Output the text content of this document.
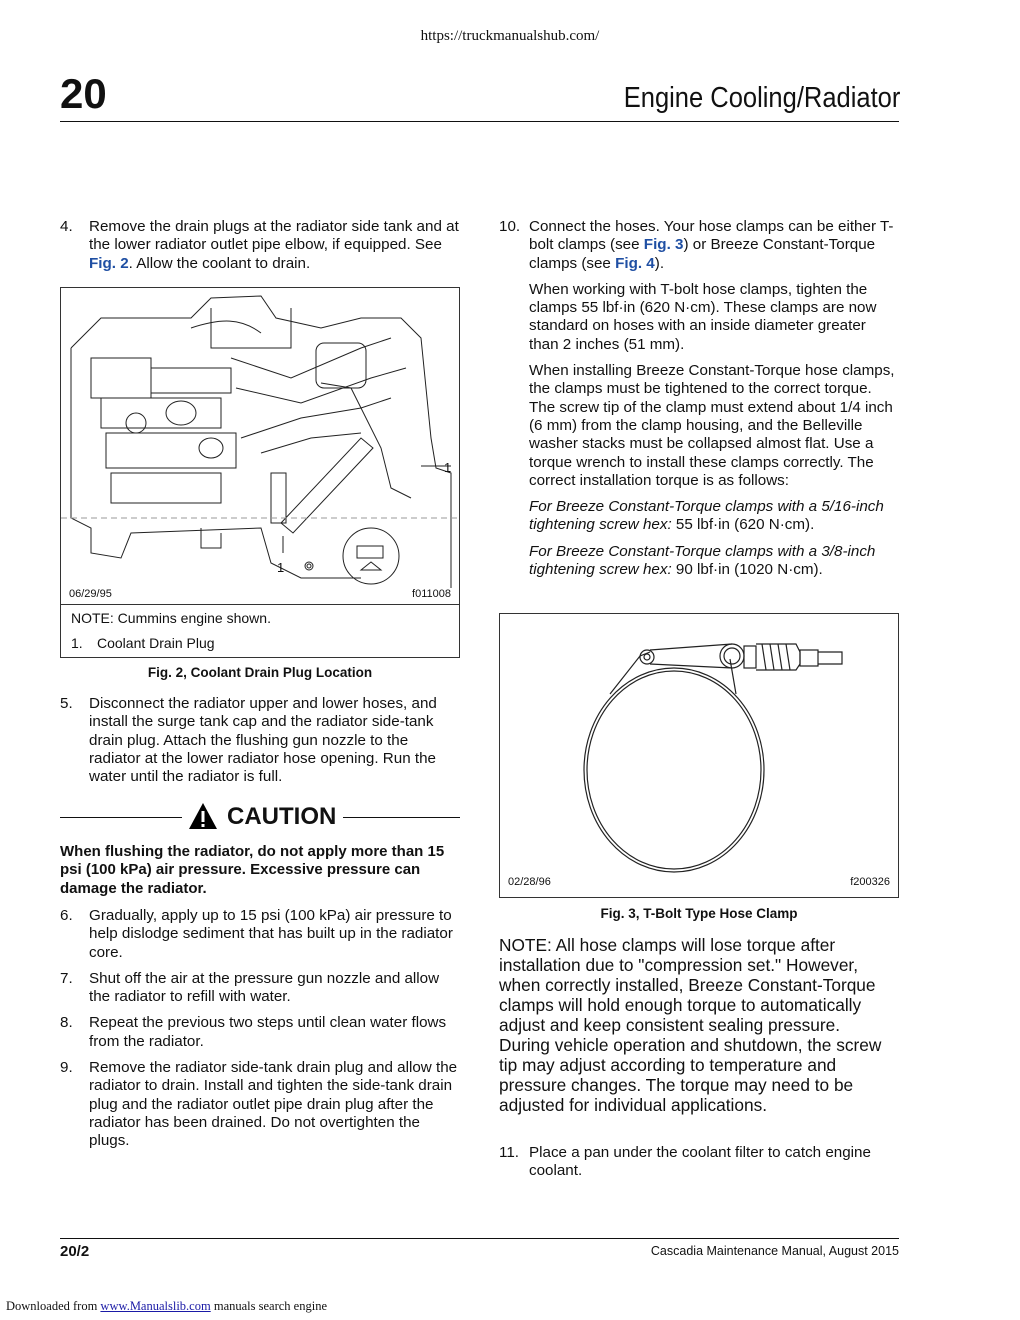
https://truckmanualshub.com/
20	Engine Cooling/Radiator
4. Remove the drain plugs at the radiator side tank and at the lower radiator outlet pipe elbow, if equipped. See Fig. 2. Allow the coolant to drain.
1
1
06/29/95	f011008
NOTE: Cummins engine shown.
1. Coolant Drain Plug
Fig. 2, Coolant Drain Plug Location
5. Disconnect the radiator upper and lower hoses, and install the surge tank cap and the radiator side-tank drain plug. Attach the flushing gun nozzle to the radiator at the lower radiator hose opening. Run the water until the radiator is full.
CAUTION
When flushing the radiator, do not apply more than 15 psi (100 kPa) air pressure. Excessive pressure can damage the radiator.
6. Gradually, apply up to 15 psi (100 kPa) air pressure to help dislodge sediment that has built up in the radiator core.
7. Shut off the air at the pressure gun nozzle and allow the radiator to refill with water.
8. Repeat the previous two steps until clean water flows from the radiator.
9. Remove the radiator side-tank drain plug and allow the radiator to drain. Install and tighten the side-tank drain plug and the radiator outlet pipe drain plug after the radiator has been drained. Do not overtighten the plugs.
10. Connect the hoses. Your hose clamps can be either T-bolt clamps (see Fig. 3) or Breeze Constant-Torque clamps (see Fig. 4).

When working with T-bolt hose clamps, tighten the clamps 55 lbf·in (620 N·cm). These clamps are now standard on hoses with an inside diameter greater than 2 inches (51 mm).

When installing Breeze Constant-Torque hose clamps, the clamps must be tightened to the correct torque. The screw tip of the clamp must extend about 1/4 inch (6 mm) from the clamp housing, and the Belleville washer stacks must be collapsed almost flat. Use a torque wrench to install these clamps correctly. The correct installation torque is as follows:

For Breeze Constant-Torque clamps with a 5/16-inch tightening screw hex: 55 lbf·in (620 N·cm).

For Breeze Constant-Torque clamps with a 3/8-inch tightening screw hex: 90 lbf·in (1020 N·cm).

02/28/96	f200326
Fig. 3, T-Bolt Type Hose Clamp
NOTE: All hose clamps will lose torque after installation due to "compression set." However, when correctly installed, Breeze Constant-Torque clamps will hold enough torque to automatically adjust and keep consistent sealing pressure. During vehicle operation and shutdown, the screw tip may adjust according to temperature and pressure changes. The torque may need to be adjusted for individual applications.
11. Place a pan under the coolant filter to catch engine coolant.
20/2	Cascadia Maintenance Manual, August 2015
Downloaded from www.Manualslib.com manuals search engine
